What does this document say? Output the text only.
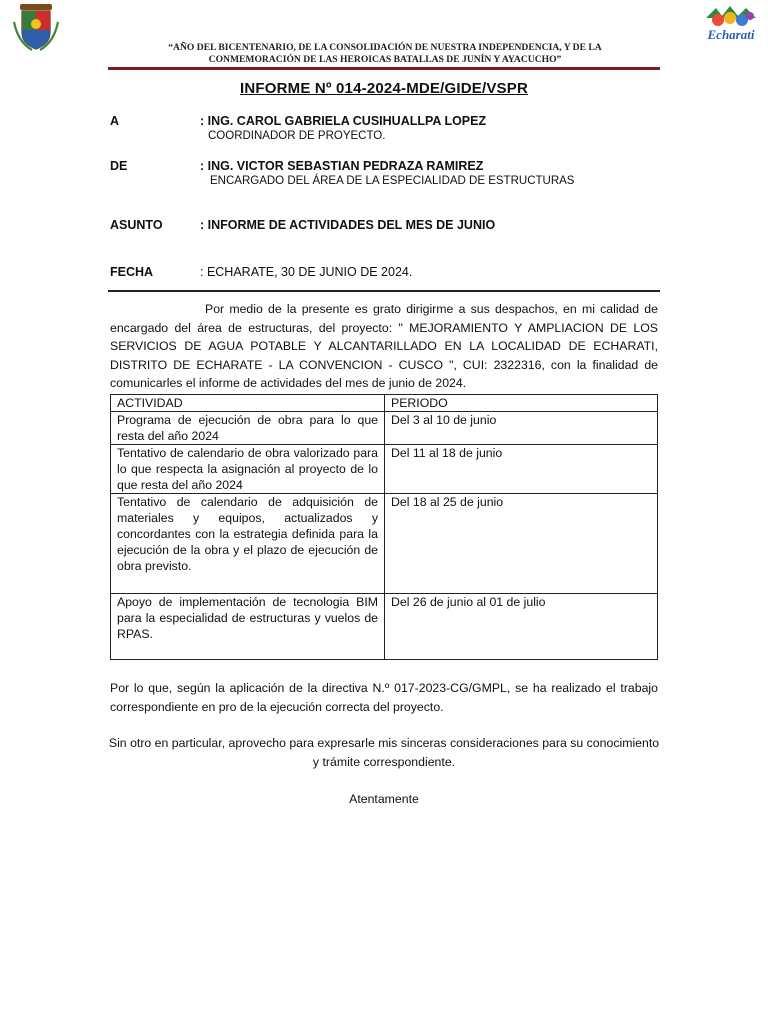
Echarati
“AÑO DEL BICENTENARIO, DE LA CONSOLIDACIÓN DE NUESTRA INDEPENDENCIA, Y DE LA
CONMEMORACIÓN DE LAS HEROICAS BATALLAS DE JUNÍN Y AYACUCHO”
INFORME Nº 014-2024-MDE/GIDE/VSPR
A	: ING. CAROL GABRIELA CUSIHUALLPA LOPEZ
COORDINADOR DE PROYECTO.
DE	: ING. VICTOR SEBASTIAN PEDRAZA RAMIREZ
ENCARGADO DEL ÁREA DE LA ESPECIALIDAD DE ESTRUCTURAS
ASUNTO	: INFORME DE ACTIVIDADES DEL MES DE JUNIO
FECHA	: ECHARATE, 30 DE JUNIO DE 2024.
Por medio de la presente es grato dirigirme a sus despachos, en mi calidad de encargado del área de estructuras, del proyecto: " MEJORAMIENTO Y AMPLIACION DE LOS SERVICIOS DE AGUA POTABLE Y ALCANTARILLADO EN LA LOCALIDAD DE ECHARATI, DISTRITO DE ECHARATE - LA CONVENCION - CUSCO ", CUI: 2322316, con la finalidad de comunicarles el informe de actividades del mes de junio de 2024.
ACTIVIDAD	PERIODO
Programa de ejecución de obra para lo que resta del año 2024	Del 3 al 10 de junio
Tentativo de calendario de obra valorizado para lo que respecta la asignación al proyecto de lo que resta del año 2024	Del 11 al 18 de junio
Tentativo de calendario de adquisición de materiales y equipos, actualizados y concordantes con la estrategia definida para la ejecución de la obra y el plazo de ejecución de obra previsto.	Del 18 al 25 de junio
Apoyo de implementación de tecnologia BIM para la especialidad de estructuras y vuelos de RPAS.	Del 26 de junio al 01 de julio
Por lo que, según la aplicación de la directiva N.º 017-2023-CG/GMPL, se ha realizado el trabajo correspondiente en pro de la ejecución correcta del proyecto.
Sin otro en particular, aprovecho para expresarle mis sinceras consideraciones para su conocimiento y trámite correspondiente.
Atentamente
